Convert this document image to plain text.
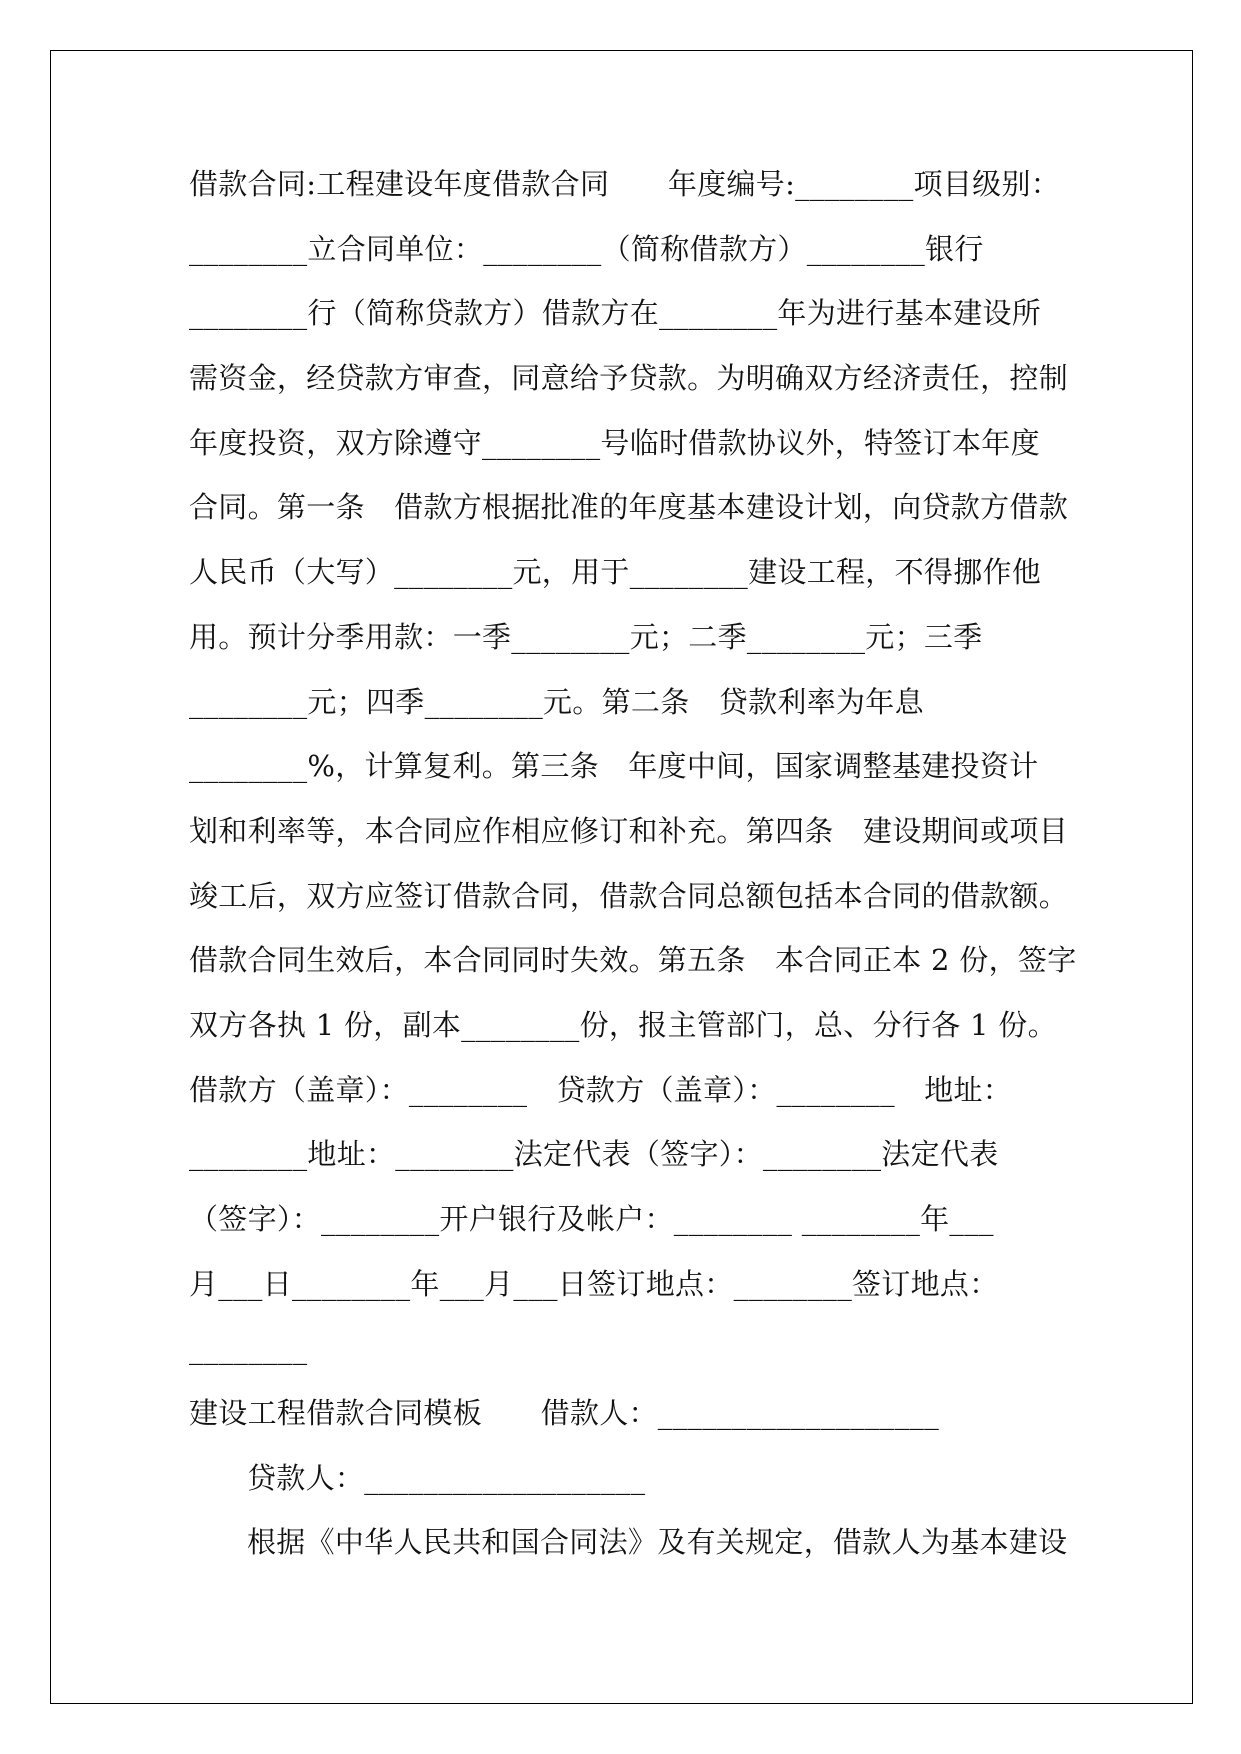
借款合同:工程建设年度借款合同　　年度编号:________项目级别：
________立合同单位：________（简称借款方）________银行
________行（简称贷款方）借款方在________年为进行基本建设所
需资金，经贷款方审查，同意给予贷款。为明确双方经济责任，控制
年度投资，双方除遵守________号临时借款协议外，特签订本年度
合同。第一条　借款方根据批准的年度基本建设计划，向贷款方借款
人民币（大写）________元，用于________建设工程，不得挪作他
用。预计分季用款：一季________元；二季________元；三季
________元；四季________元。第二条　贷款利率为年息
________%，计算复利。第三条　年度中间，国家调整基建投资计
划和利率等，本合同应作相应修订和补充。第四条　建设期间或项目
竣工后，双方应签订借款合同，借款合同总额包括本合同的借款额。
借款合同生效后，本合同同时失效。第五条　本合同正本 2 份，签字
双方各执 1 份，副本________份，报主管部门，总、分行各 1 份。
借款方（盖章）：________　贷款方（盖章）：________　地址：
________地址：________法定代表（签字）：________法定代表
（签字）：________开户银行及帐户：________ ________年___
月___日________年___月___日签订地点：________签订地点：
________
建设工程借款合同模板　　借款人：___________________
贷款人：___________________
根据《中华人民共和国合同法》及有关规定，借款人为基本建设
